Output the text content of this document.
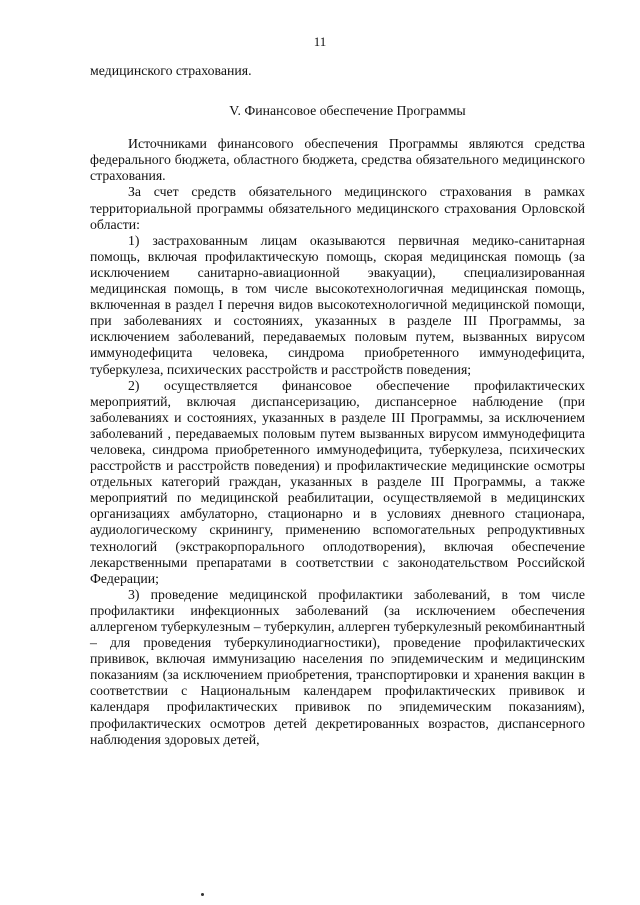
11

медицинского страхования.

V. Финансовое обеспечение Программы

Источниками финансового обеспечения Программы являются средства федерального бюджета, областного бюджета, средства обязательного медицинского страхования.

За счет средств обязательного медицинского страхования в рамках территориальной программы обязательного медицинского страхования Орловской области:

1) застрахованным лицам оказываются первичная медико-санитарная помощь, включая профилактическую помощь, скорая медицинская помощь (за исключением санитарно-авиационной эвакуации), специализированная медицинская помощь, в том числе высокотехнологичная медицинская помощь, включенная в раздел I перечня видов высокотехнологичной медицинской помощи, при заболеваниях и состояниях, указанных в разделе III Программы, за исключением заболеваний, передаваемых половым путем, вызванных вирусом иммунодефицита человека, синдрома приобретенного иммунодефицита, туберкулеза, психических расстройств и расстройств поведения;

2) осуществляется финансовое обеспечение профилактических мероприятий, включая диспансеризацию, диспансерное наблюдение (при заболеваниях и состояниях, указанных в разделе III Программы, за исключением заболеваний , передаваемых половым путем вызванных вирусом иммунодефицита человека, синдрома приобретенного иммунодефицита, туберкулеза, психических расстройств и расстройств поведения) и профилактические медицинские осмотры отдельных категорий граждан, указанных в разделе III Программы, а также мероприятий по медицинской реабилитации, осуществляемой в медицинских организациях амбулаторно, стационарно и в условиях дневного стационара, аудиологическому скринингу, применению вспомогательных репродуктивных технологий (экстракорпорального оплодотворения), включая обеспечение лекарственными препаратами в соответствии с законодательством Российской Федерации;

3) проведение медицинской профилактики заболеваний, в том числе профилактики инфекционных заболеваний (за исключением обеспечения аллергеном туберкулезным – туберкулин, аллерген туберкулезный рекомбинантный – для проведения туберкулинодиагностики), проведение профилактических прививок, включая иммунизацию населения по эпидемическим и медицинским показаниям (за исключением приобретения, транспортировки и хранения вакцин в соответствии с Национальным календарем профилактических прививок и календаря профилактических прививок по эпидемическим показаниям), профилактических осмотров детей декретированных возрастов, диспансерного наблюдения здоровых детей,
